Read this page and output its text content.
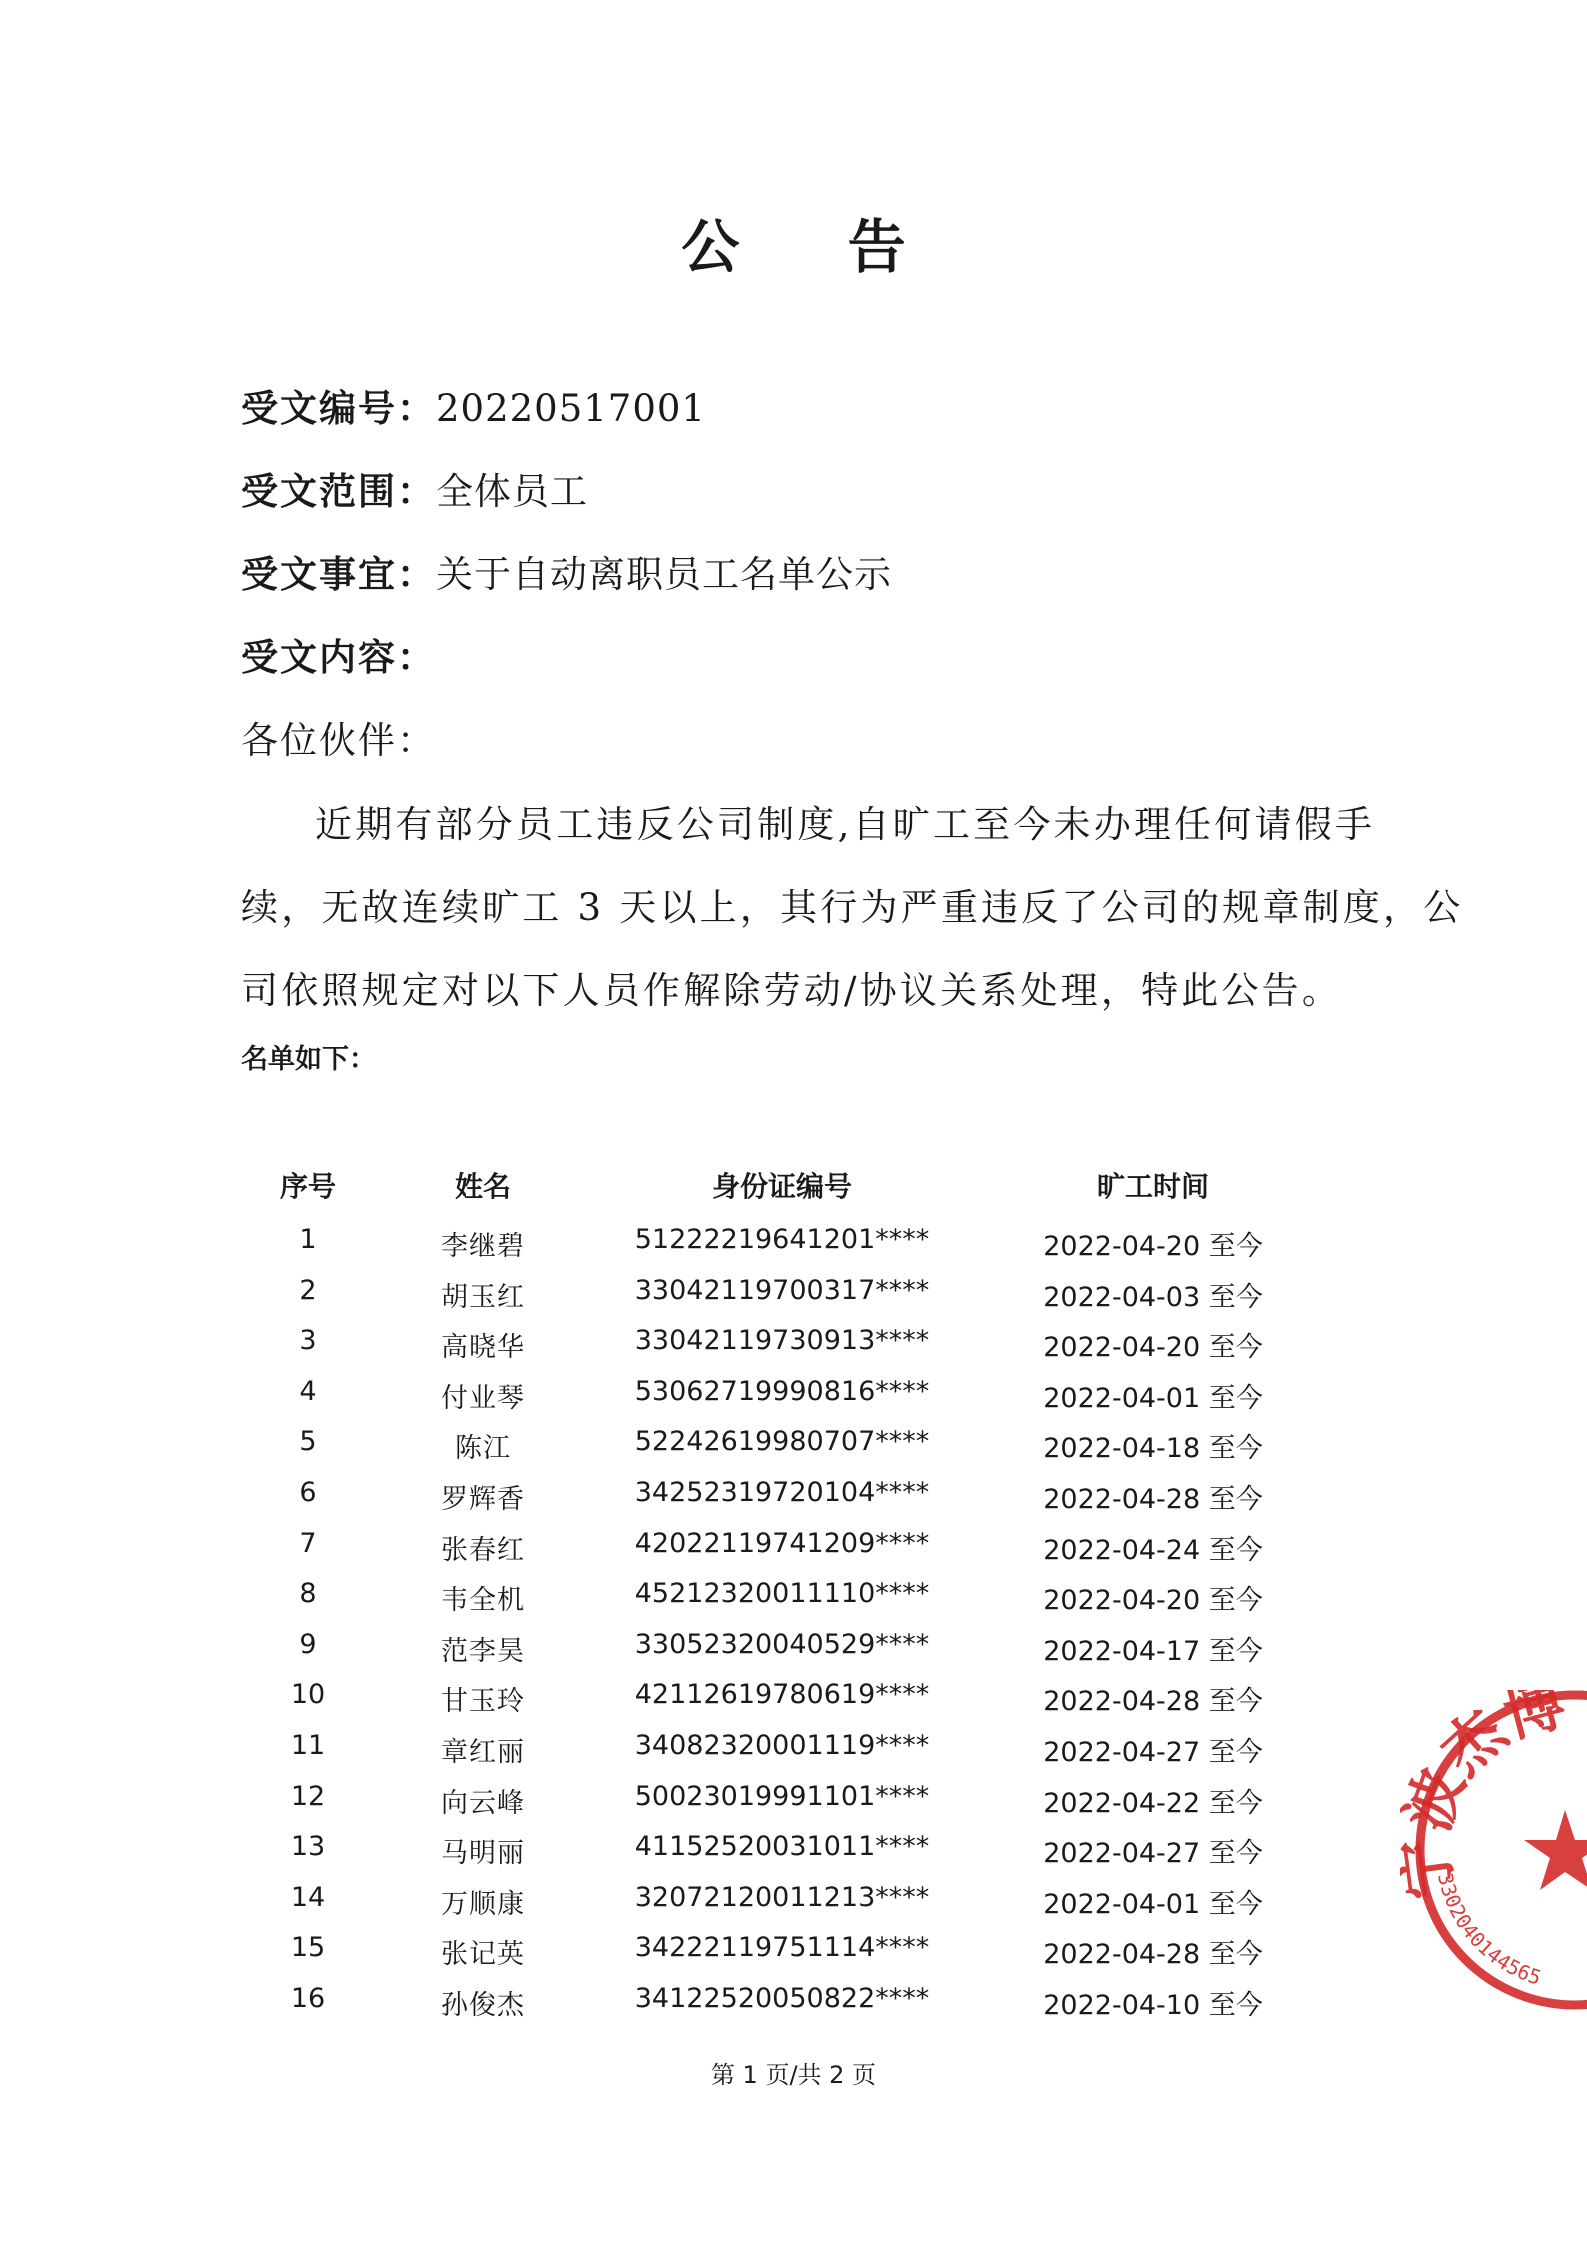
公 告
受文编号：20220517001
受文范围：全体员工
受文事宜：关于自动离职员工名单公示
受文内容：
各位伙伴：
近期有部分员工违反公司制度,自旷工至今未办理任何请假手
续，无故连续旷工 3 天以上，其行为严重违反了公司的规章制度，公
司依照规定对以下人员作解除劳动/协议关系处理，特此公告。
名单如下：
序号	姓名	身份证编号	旷工时间
1	李继碧	51222219641201****	2022-04-20 至今
2	胡玉红	33042119700317****	2022-04-03 至今
3	高晓华	33042119730913****	2022-04-20 至今
4	付业琴	53062719990816****	2022-04-01 至今
5	陈江	52242619980707****	2022-04-18 至今
6	罗辉香	34252319720104****	2022-04-28 至今
7	张春红	42022119741209****	2022-04-24 至今
8	韦全机	45212320011110****	2022-04-20 至今
9	范李昊	33052320040529****	2022-04-17 至今
10	甘玉玲	42112619780619****	2022-04-28 至今
11	章红丽	34082320001119****	2022-04-27 至今
12	向云峰	50023019991101****	2022-04-22 至今
13	马明丽	41152520031011****	2022-04-27 至今
14	万顺康	32072120011213****	2022-04-01 至今
15	张记英	34222119751114****	2022-04-28 至今
16	孙俊杰	34122520050822****	2022-04-10 至今
第 1 页/共 2 页
波杰博
3302040144565
